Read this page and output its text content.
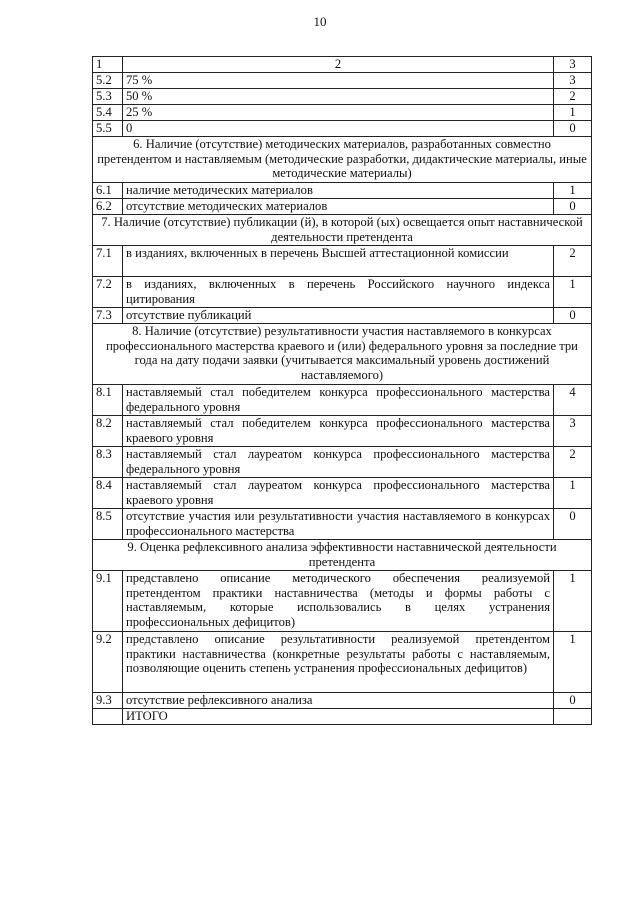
10
1	2	3
5.2	75 %	3
5.3	50 %	2
5.4	25 %	1
5.5	0	0
6. Наличие (отсутствие) методических материалов, разработанных совместно претендентом и наставляемым (методические разработки, дидактические материалы, иные методические материалы)		
6.1	наличие методических материалов	1
6.2	отсутствие методических материалов	0
7. Наличие (отсутствие) публикации (й), в которой (ых) освещается опыт наставнической деятельности претендента		
7.1	в изданиях, включенных в перечень Высшей аттестационной комиссии	2
7.2	в изданиях, включенных в перечень Российского научного индекса цитирования	1
7.3	отсутствие публикаций	0
8. Наличие (отсутствие) результативности участия наставляемого в конкурсах профессионального мастерства краевого и (или) федерального уровня за последние три года на дату подачи заявки (учитывается максимальный уровень достижений наставляемого)		
8.1	наставляемый стал победителем конкурса профессионального мастерства федерального уровня	4
8.2	наставляемый стал победителем конкурса профессионального мастерства краевого уровня	3
8.3	наставляемый стал лауреатом конкурса профессионального мастерства федерального уровня	2
8.4	наставляемый стал лауреатом конкурса профессионального мастерства краевого уровня	1
8.5	отсутствие участия или результативности участия наставляемого в конкурсах профессионального мастерства	0
9. Оценка рефлексивного анализа эффективности наставнической деятельности претендента		
9.1	представлено описание методического обеспечения реализуемой претендентом практики наставничества (методы и формы работы с наставляемым, которые использовались в целях устранения профессиональных дефицитов)	1
9.2	представлено описание результативности реализуемой претендентом практики наставничества (конкретные результаты работы с наставляемым, позволяющие оценить степень устранения профессиональных дефицитов)	1
9.3	отсутствие рефлексивного анализа	0
	ИТОГО	
